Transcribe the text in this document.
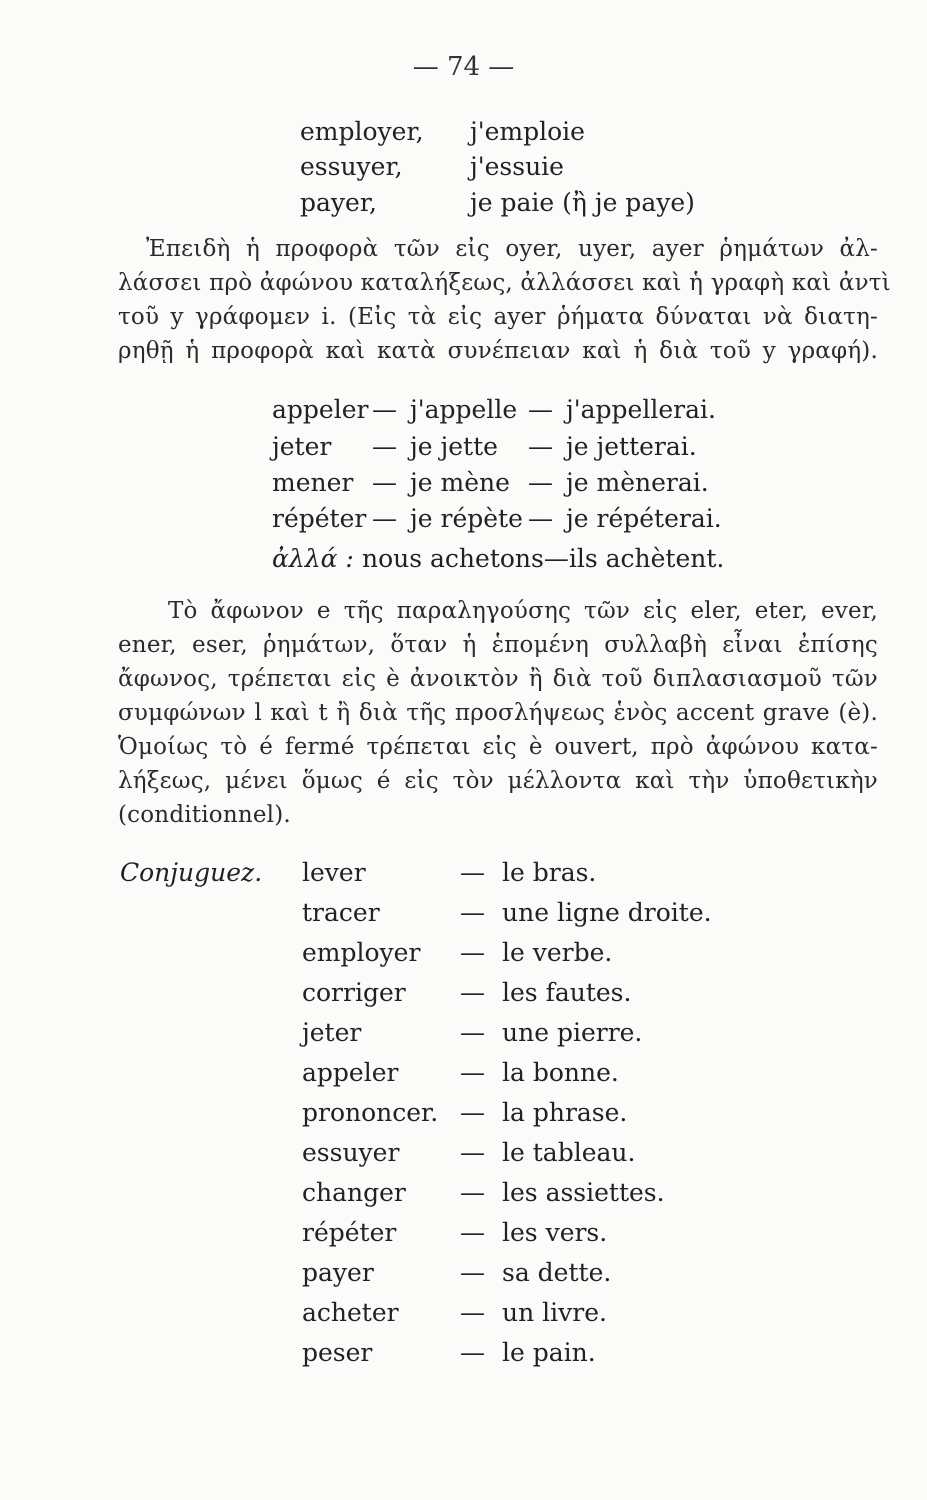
— 74 —
employer, j'emploie
essuyer,	j'essuie
payer,	je paie (ἢ je paye)

Ἐπειδὴ ἡ προφορὰ τῶν εἰς oyer, uyer, ayer ῥημάτων ἀλ-

λάσσει πρὸ ἀφώνου καταλήξεως, ἀλλάσσει καὶ ἡ γραφὴ καὶ ἀντὶ

τοῦ y γράφομεν i. (Εἰς τὰ εἰς ayer ῥήματα δύναται νὰ διατη-

ρηθῇ ἡ προφορὰ καὶ κατὰ συνέπειαν καὶ ἡ διὰ τοῦ y γραφή).

appeler — j'appelle — j'appellerai.
jeter — je jette — je jetterai.
mener — je mène — je mènerai.
répéter — je répète — je répéterai.
ἀλλά : nous achetons—ils achètent.

Τὸ ἄφωνον e τῆς παραληγούσης τῶν εἰς eler, eter, ever,

ener, eser, ῥημάτων, ὅταν ἡ ἑπομένη συλλαβὴ εἶναι ἐπίσης

ἄφωνος, τρέπεται εἰς è ἀνοικτὸν ἢ διὰ τοῦ διπλασιασμοῦ τῶν

συμφώνων l καὶ t ἢ διὰ τῆς προσλήψεως ἑνὸς accent grave (è).

Ὁμοίως τὸ é fermé τρέπεται εἰς è ouvert, πρὸ ἀφώνου κατα-

λήξεως, μένει ὅμως é εἰς τὸν μέλλοντα καὶ τὴν ὑποθετικὴν

(conditionnel).

Conjuguez. lever	— le bras.
tracer	— une ligne droite.
employer — le verbe.
corriger — les fautes.
jeter	— une pierre.
appeler — la bonne.
prononcer. — la phrase.
essuyer — le tableau.
changer — les assiettes.
répéter	— les vers.
payer	— sa dette.
acheter — un livre.
peser	— le pain.
